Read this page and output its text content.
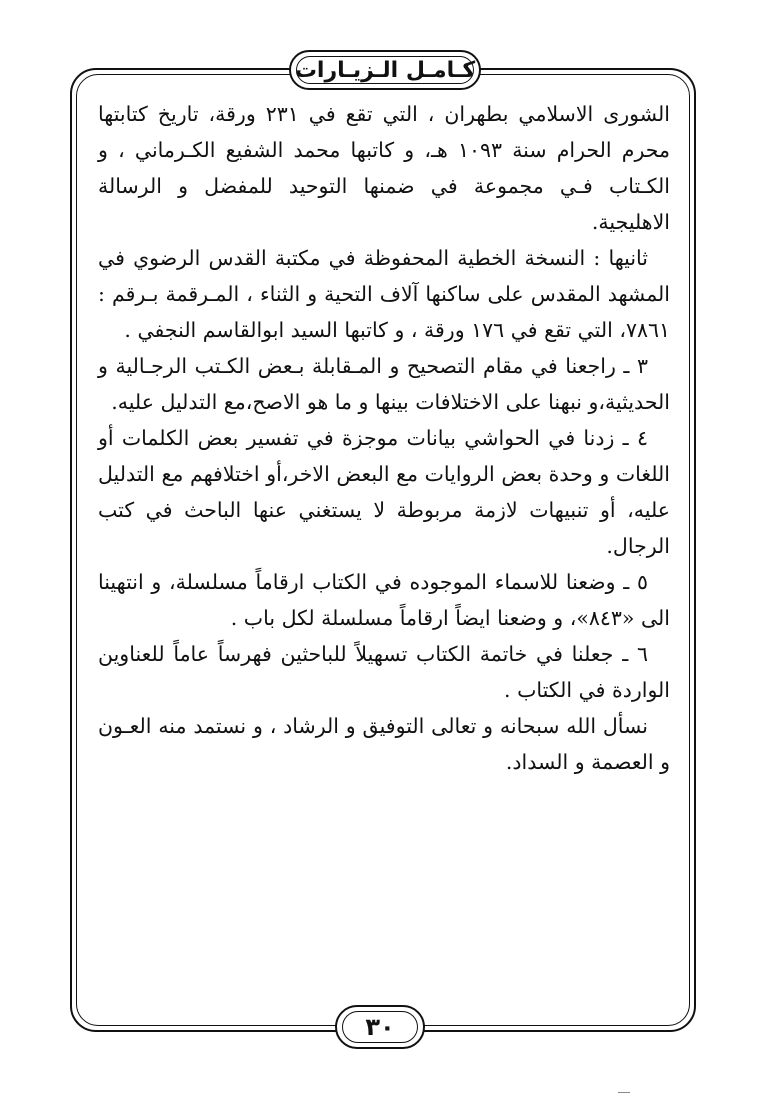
كـامـل الـزيـارات

الشورى الاسلامي بطهران ، التي تقع في ٢٣١ ورقة، تاريخ كتابتها محرم الحرام سنة ١٠٩٣ هـ، و كاتبها محمد الشفيع الكـرماني ، و الكـتاب فـي مجموعة في ضمنها التوحيد للمفضل و الرسالة الاهليجية.

ثانيها : النسخة الخطية المحفوظة في مكتبة القدس الرضوي في المشهد المقدس على ساكنها آلاف التحية و الثناء ، المـرقمة بـرقم : ٧٨٦١، التي تقع في ١٧٦ ورقة ، و كاتبها السيد ابوالقاسم النجفي .

٣ ـ راجعنا في مقام التصحيح و المـقابلة بـعض الكـتب الرجـالية و الحديثية،و نبهنا على الاختلافات بينها و ما هو الاصح،مع التدليل عليه.

٤ ـ زدنا في الحواشي بيانات موجزة في تفسير بعض الكلمات أو اللغات و وحدة بعض الروايات مع البعض الاخر،أو اختلافهم مع التدليل عليه، أو تنبيهات لازمة مربوطة لا يستغني عنها الباحث في كتب الرجال.

٥ ـ وضعنا للاسماء الموجوده في الكتاب ارقاماً مسلسلة، و انتهينا الى «٨٤٣»، و وضعنا ايضاً ارقاماً مسلسلة لكل باب .

٦ ـ جعلنا في خاتمة الكتاب تسهيلاً للباحثين فهرساً عاماً للعناوين الواردة في الكتاب .

نسأل الله سبحانه و تعالى التوفيق و الرشاد ، و نستمد منه العـون و العصمة و السداد.

٣٠
